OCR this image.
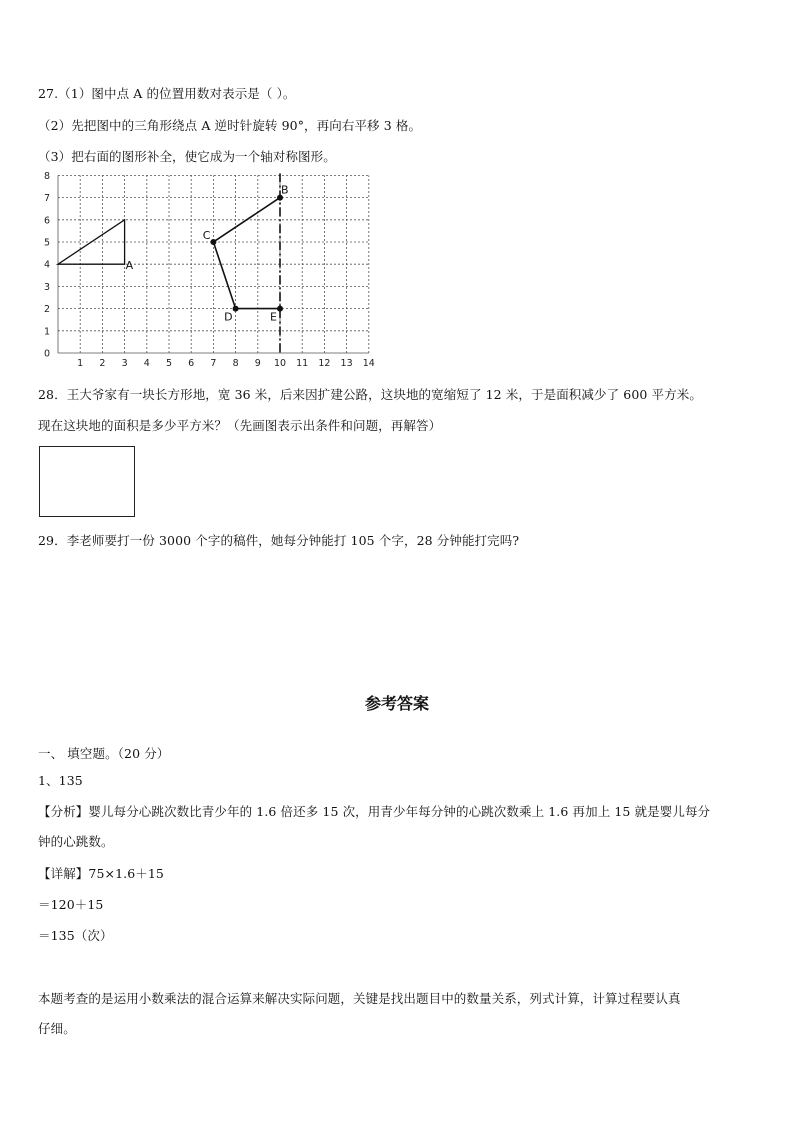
27.（1）图中点 A 的位置用数对表示是（ ）。
（2）先把图中的三角形绕点 A 逆时针旋转 90°，再向右平移 3 格。
（3）把右面的图形补全，使它成为一个轴对称图形。
1 2 3 4 5 6 7 8 9 10 11 12 13 14
0
1
2
3
4
5
6
7
8
A
B
C
D	E
28．王大爷家有一块长方形地，宽 36 米，后来因扩建公路，这块地的宽缩短了 12 米，于是面积减少了 600 平方米。
现在这块地的面积是多少平方米？（先画图表示出条件和问题，再解答）
29．李老师要打一份 3000 个字的稿件，她每分钟能打 105 个字，28 分钟能打完吗?
参考答案
一、 填空题。（20 分）
1、135
【分析】婴儿每分心跳次数比青少年的 1.6 倍还多 15 次，用青少年每分钟的心跳次数乘上 1.6 再加上 15 就是婴儿每分
钟的心跳数。
【详解】75×1.6＋15
＝120＋15
＝135（次）
本题考查的是运用小数乘法的混合运算来解决实际问题，关键是找出题目中的数量关系，列式计算，计算过程要认真
仔细。
